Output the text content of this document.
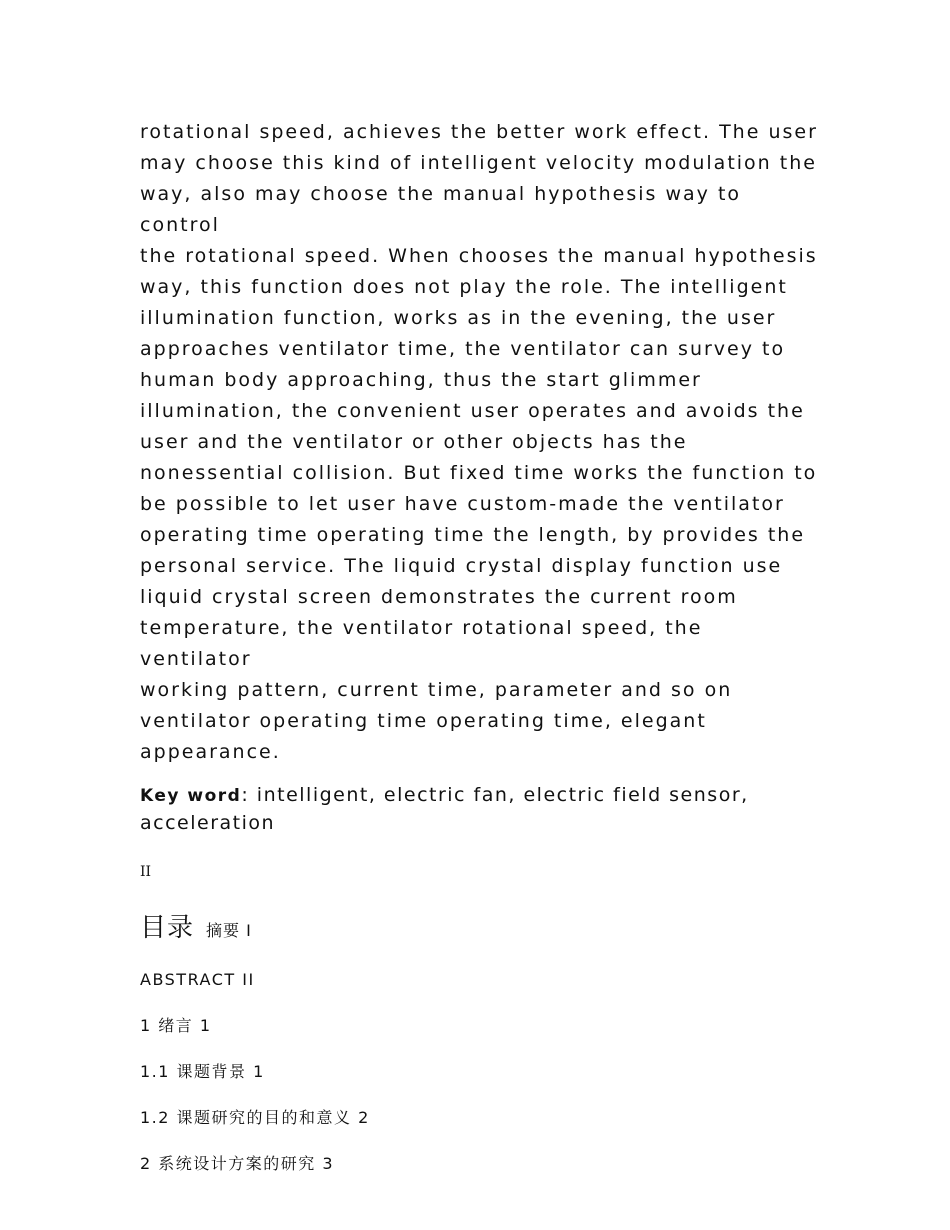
rotational speed, achieves the better work effect. The user
may choose this kind of intelligent velocity modulation the
way, also may choose the manual hypothesis way to control
the rotational speed. When chooses the manual hypothesis
way, this function does not play the role. The intelligent
illumination function, works as in the evening, the user
approaches ventilator time, the ventilator can survey to
human body approaching, thus the start glimmer
illumination, the convenient user operates and avoids the
user and the ventilator or other objects has the
nonessential collision. But fixed time works the function to
be possible to let user have custom-made the ventilator
operating time operating time the length, by provides the
personal service. The liquid crystal display function use
liquid crystal screen demonstrates the current room
temperature, the ventilator rotational speed, the ventilator
working pattern, current time, parameter and so on
ventilator operating time operating time, elegant
appearance.

Key word: intelligent, electric fan, electric field sensor, acceleration

II
目录 摘要 I
ABSTRACT II
1 绪言 1
1.1 课题背景 1
1.2 课题研究的目的和意义 2
2 系统设计方案的研究 3
